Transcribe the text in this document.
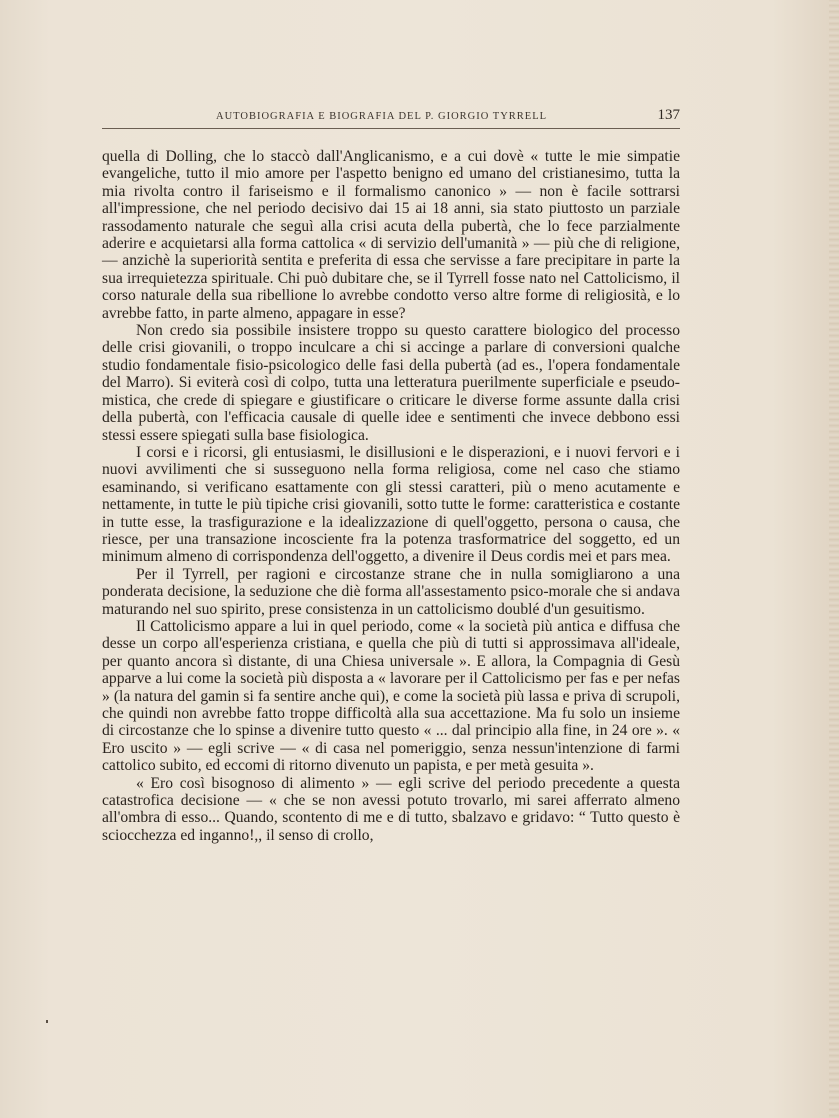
AUTOBIOGRAFIA E BIOGRAFIA DEL P. GIORGIO TYRRELL	137

quella di Dolling, che lo staccò dall'Anglicanismo, e a cui dovè « tutte le mie simpatie evangeliche, tutto il mio amore per l'aspetto benigno ed umano del cristianesimo, tutta la mia rivolta contro il fariseismo e il formalismo canonico » — non è facile sottrarsi all'impressione, che nel periodo decisivo dai 15 ai 18 anni, sia stato piuttosto un parziale rassodamento naturale che seguì alla crisi acuta della pubertà, che lo fece parzialmente aderire e acquietarsi alla forma cattolica « di servizio dell'umanità » — più che di religione, — anzichè la superiorità sentita e preferita di essa che servisse a fare precipitare in parte la sua irrequietezza spirituale. Chi può dubitare che, se il Tyrrell fosse nato nel Cattolicismo, il corso naturale della sua ribellione lo avrebbe condotto verso altre forme di religiosità, e lo avrebbe fatto, in parte almeno, appagare in esse?

Non credo sia possibile insistere troppo su questo carattere biologico del processo delle crisi giovanili, o troppo inculcare a chi si accinge a parlare di conversioni qualche studio fondamentale fisio-psicologico delle fasi della pubertà (ad es., l'opera fondamentale del Marro). Si eviterà così di colpo, tutta una letteratura puerilmente superficiale e pseudo-mistica, che crede di spiegare e giustificare o criticare le diverse forme assunte dalla crisi della pubertà, con l'efficacia causale di quelle idee e sentimenti che invece debbono essi stessi essere spiegati sulla base fisiologica.

I corsi e i ricorsi, gli entusiasmi, le disillusioni e le disperazioni, e i nuovi fervori e i nuovi avvilimenti che si susseguono nella forma religiosa, come nel caso che stiamo esaminando, si verificano esattamente con gli stessi caratteri, più o meno acutamente e nettamente, in tutte le più tipiche crisi giovanili, sotto tutte le forme: caratteristica e costante in tutte esse, la trasfigurazione e la idealizzazione di quell'oggetto, persona o causa, che riesce, per una transazione incosciente fra la potenza trasformatrice del soggetto, ed un minimum almeno di corrispondenza dell'oggetto, a divenire il Deus cordis mei et pars mea.

Per il Tyrrell, per ragioni e circostanze strane che in nulla somigliarono a una ponderata decisione, la seduzione che diè forma all'assestamento psico-morale che si andava maturando nel suo spirito, prese consistenza in un cattolicismo doublé d'un gesuitismo.

Il Cattolicismo appare a lui in quel periodo, come « la società più antica e diffusa che desse un corpo all'esperienza cristiana, e quella che più di tutti si approssimava all'ideale, per quanto ancora sì distante, di una Chiesa universale ». E allora, la Compagnia di Gesù apparve a lui come la società più disposta a « lavorare per il Cattolicismo per fas e per nefas » (la natura del gamin si fa sentire anche qui), e come la società più lassa e priva di scrupoli, che quindi non avrebbe fatto troppe difficoltà alla sua accettazione. Ma fu solo un insieme di circostanze che lo spinse a divenire tutto questo « ... dal principio alla fine, in 24 ore ». « Ero uscito » — egli scrive — « di casa nel pomeriggio, senza nessun'intenzione di farmi cattolico subito, ed eccomi di ritorno divenuto un papista, e per metà gesuita ».

« Ero così bisognoso di alimento » — egli scrive del periodo precedente a questa catastrofica decisione — « che se non avessi potuto trovarlo, mi sarei afferrato almeno all'ombra di esso... Quando, scontento di me e di tutto, sbalzavo e gridavo: “ Tutto questo è sciocchezza ed inganno!,, il senso di crollo,
